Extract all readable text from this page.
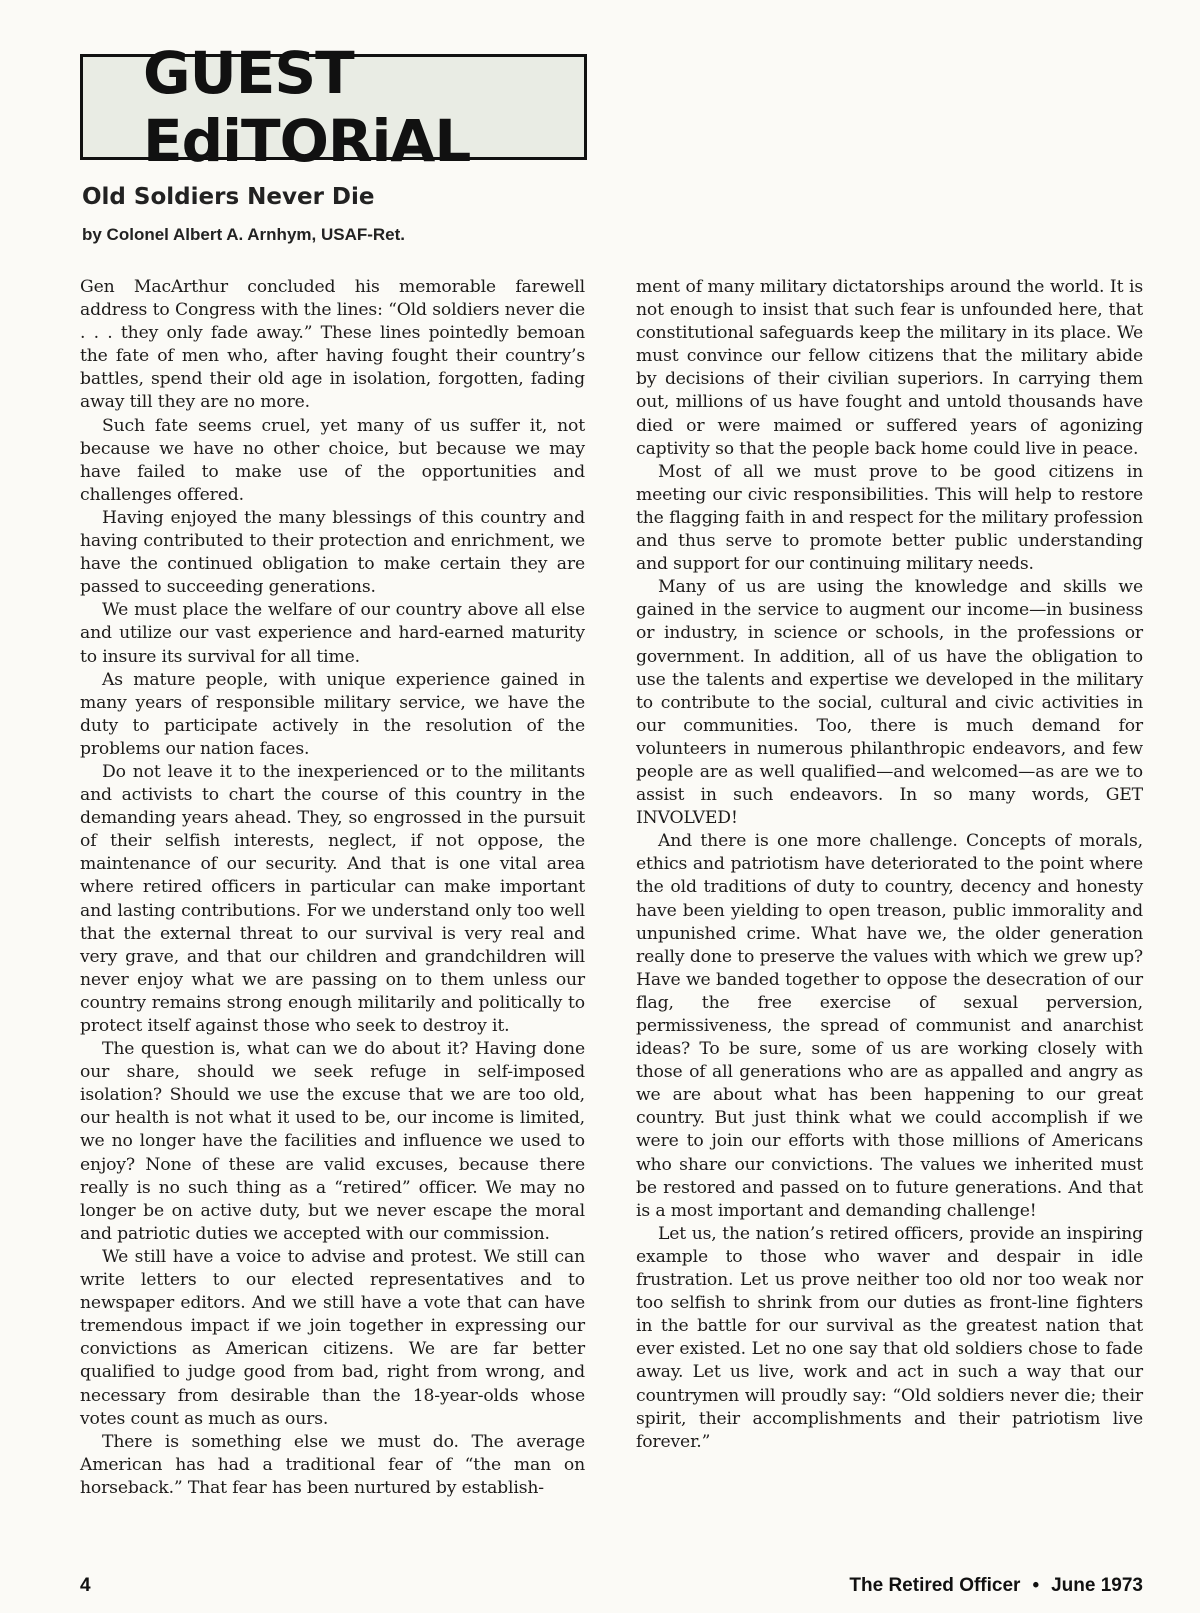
GUEST EdiTORiAL
Old Soldiers Never Die

by Colonel Albert A. Arnhym, USAF-Ret.

Gen MacArthur concluded his memorable farewell address to Congress with the lines: “Old soldiers never die . . . they only fade away.” These lines pointedly bemoan the fate of men who, after having fought their country’s battles, spend their old age in isolation, forgotten, fading away till they are no more.

Such fate seems cruel, yet many of us suffer it, not because we have no other choice, but because we may have failed to make use of the opportunities and challenges offered.

Having enjoyed the many blessings of this country and having contributed to their protection and enrichment, we have the continued obligation to make certain they are passed to succeeding generations.

We must place the welfare of our country above all else and utilize our vast experience and hard-earned maturity to insure its survival for all time.

As mature people, with unique experience gained in many years of responsible military service, we have the duty to participate actively in the resolution of the problems our nation faces.

Do not leave it to the inexperienced or to the militants and activists to chart the course of this country in the demanding years ahead. They, so engrossed in the pursuit of their selfish interests, neglect, if not oppose, the maintenance of our security. And that is one vital area where retired officers in particular can make important and lasting contributions. For we understand only too well that the external threat to our survival is very real and very grave, and that our children and grandchildren will never enjoy what we are passing on to them unless our country remains strong enough militarily and politically to protect itself against those who seek to destroy it.

The question is, what can we do about it? Having done our share, should we seek refuge in self-imposed isolation? Should we use the excuse that we are too old, our health is not what it used to be, our income is limited, we no longer have the facilities and influence we used to enjoy? None of these are valid excuses, because there really is no such thing as a “retired” officer. We may no longer be on active duty, but we never escape the moral and patriotic duties we accepted with our commission.

We still have a voice to advise and protest. We still can write letters to our elected representatives and to newspaper editors. And we still have a vote that can have tremendous impact if we join together in expressing our convictions as American citizens. We are far better qualified to judge good from bad, right from wrong, and necessary from desirable than the 18-year-olds whose votes count as much as ours.

There is something else we must do. The average American has had a traditional fear of “the man on horseback.” That fear has been nurtured by establish-

ment of many military dictatorships around the world. It is not enough to insist that such fear is unfounded here, that constitutional safeguards keep the military in its place. We must convince our fellow citizens that the military abide by decisions of their civilian superiors. In carrying them out, millions of us have fought and untold thousands have died or were maimed or suffered years of agonizing captivity so that the people back home could live in peace.

Most of all we must prove to be good citizens in meeting our civic responsibilities. This will help to restore the flagging faith in and respect for the military profession and thus serve to promote better public understanding and support for our continuing military needs.

Many of us are using the knowledge and skills we gained in the service to augment our income—in business or industry, in science or schools, in the professions or government. In addition, all of us have the obligation to use the talents and expertise we developed in the military to contribute to the social, cultural and civic activities in our communities. Too, there is much demand for volunteers in numerous philanthropic endeavors, and few people are as well qualified—and welcomed—as are we to assist in such endeavors. In so many words, GET INVOLVED!

And there is one more challenge. Concepts of morals, ethics and patriotism have deteriorated to the point where the old traditions of duty to country, decency and honesty have been yielding to open treason, public immorality and unpunished crime. What have we, the older generation really done to preserve the values with which we grew up? Have we banded together to oppose the desecration of our flag, the free exercise of sexual perversion, permissiveness, the spread of communist and anarchist ideas? To be sure, some of us are working closely with those of all generations who are as appalled and angry as we are about what has been happening to our great country. But just think what we could accomplish if we were to join our efforts with those millions of Americans who share our convictions. The values we inherited must be restored and passed on to future generations. And that is a most important and demanding challenge!

Let us, the nation’s retired officers, provide an inspiring example to those who waver and despair in idle frustration. Let us prove neither too old nor too weak nor too selfish to shrink from our duties as front-line fighters in the battle for our survival as the greatest nation that ever existed. Let no one say that old soldiers chose to fade away. Let us live, work and act in such a way that our countrymen will proudly say: “Old soldiers never die; their spirit, their accomplishments and their patriotism live forever.”

4	The Retired Officer • June 1973
